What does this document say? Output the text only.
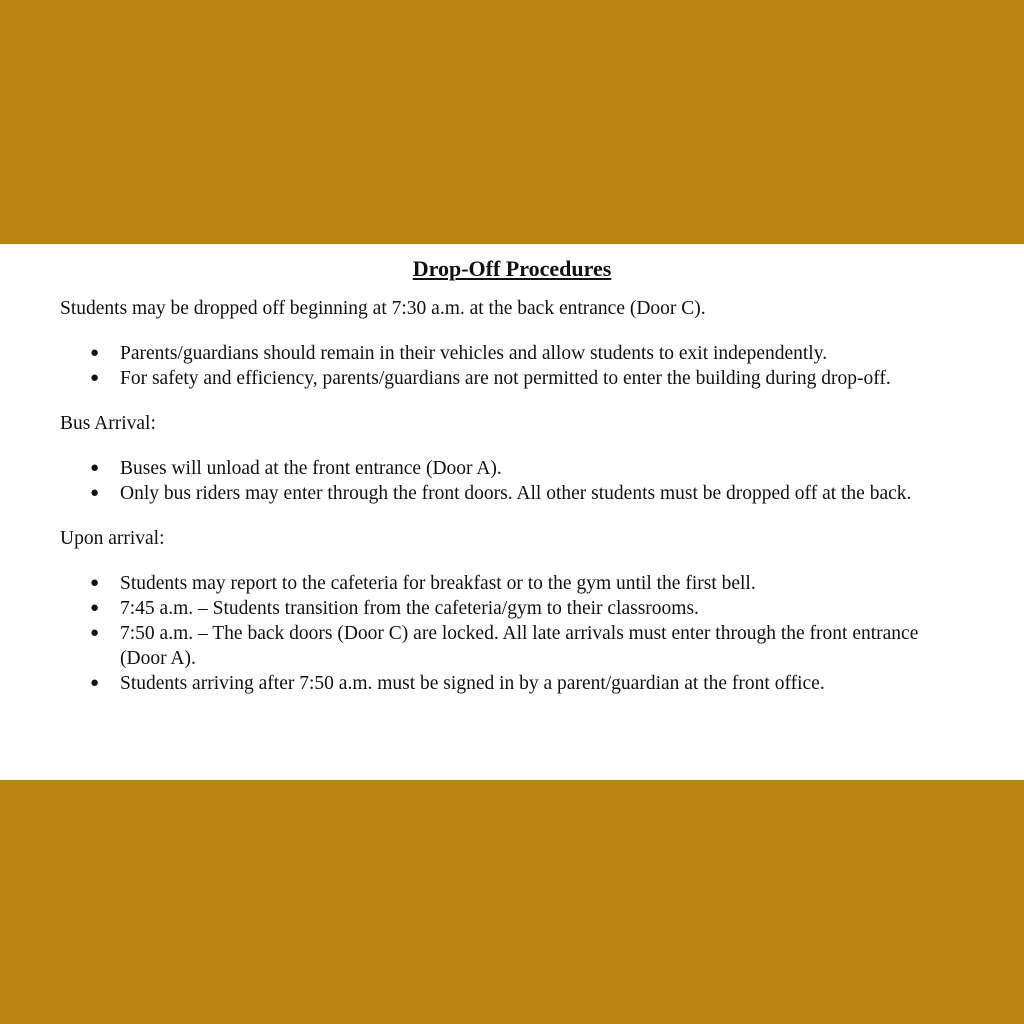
Drop-Off Procedures

Students may be dropped off beginning at 7:30 a.m. at the back entrance (Door C).

●	Parents/guardians should remain in their vehicles and allow students to exit independently.
●	For safety and efficiency, parents/guardians are not permitted to enter the building during drop-off.

Bus Arrival:

●	Buses will unload at the front entrance (Door A).
●	Only bus riders may enter through the front doors. All other students must be dropped off at the back.

Upon arrival:

●	Students may report to the cafeteria for breakfast or to the gym until the first bell.
●	7:45 a.m. – Students transition from the cafeteria/gym to their classrooms.
●	7:50 a.m. – The back doors (Door C) are locked. All late arrivals must enter through the front entrance (Door A).
●	Students arriving after 7:50 a.m. must be signed in by a parent/guardian at the front office.
